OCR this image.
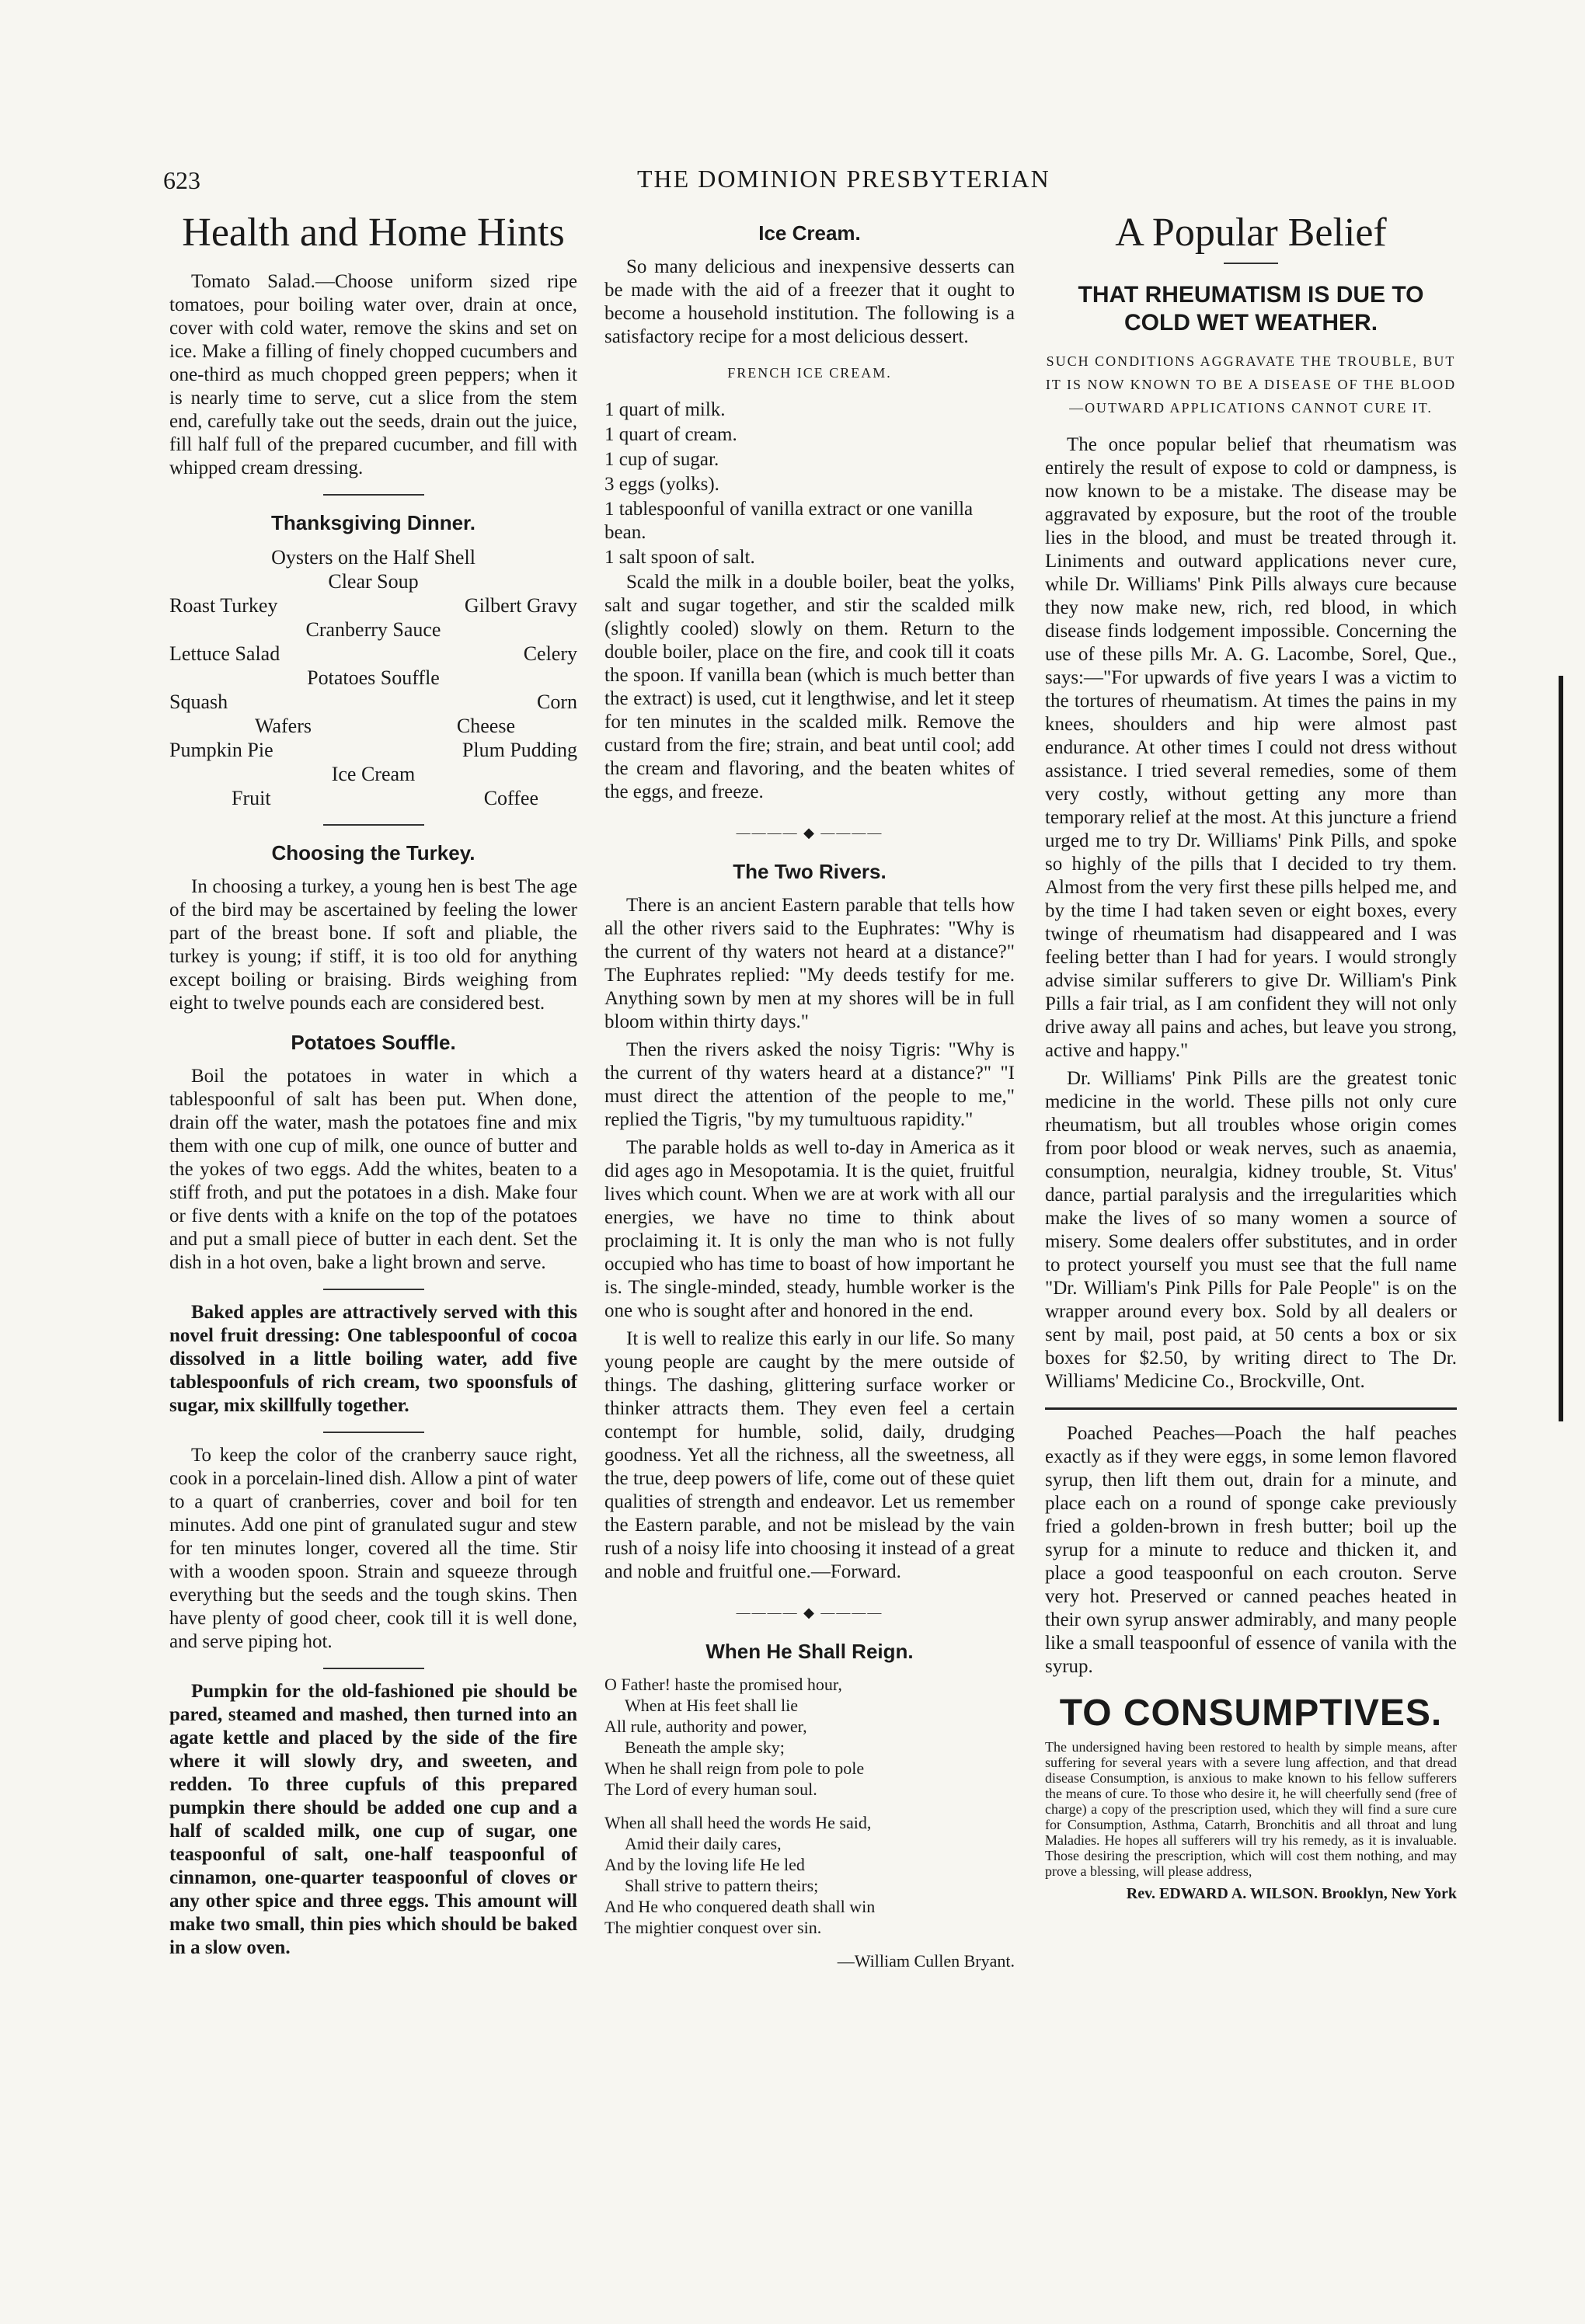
623	THE DOMINION PRESBYTERIAN
Health and Home Hints

Tomato Salad.—Choose uniform sized ripe tomatoes, pour boiling water over, drain at once, cover with cold water, remove the skins and set on ice. Make a filling of finely chopped cucumbers and one-third as much chopped green peppers; when it is nearly time to serve, cut a slice from the stem end, carefully take out the seeds, drain out the juice, fill half full of the prepared cucumber, and fill with whipped cream dressing.

Thanksgiving Dinner.
Oysters on the Half Shell
Clear Soup
Roast Turkey	Gilbert Gravy
Cranberry Sauce
Lettuce Salad	Celery
Potatoes Souffle
Squash	Corn
Wafers	Cheese
Pumpkin Pie	Plum Pudding
Ice Cream
Fruit	Coffee
Choosing the Turkey.

In choosing a turkey, a young hen is best The age of the bird may be ascertained by feeling the lower part of the breast bone. If soft and pliable, the turkey is young; if stiff, it is too old for anything except boiling or braising. Birds weighing from eight to twelve pounds each are considered best.

Potatoes Souffle.

Boil the potatoes in water in which a tablespoonful of salt has been put. When done, drain off the water, mash the potatoes fine and mix them with one cup of milk, one ounce of butter and the yokes of two eggs. Add the whites, beaten to a stiff froth, and put the potatoes in a dish. Make four or five dents with a knife on the top of the potatoes and put a small piece of butter in each dent. Set the dish in a hot oven, bake a light brown and serve.

Baked apples are attractively served with this novel fruit dressing: One tablespoonful of cocoa dissolved in a little boiling water, add five tablespoonfuls of rich cream, two spoonsfuls of sugar, mix skillfully together.

To keep the color of the cranberry sauce right, cook in a porcelain-lined dish. Allow a pint of water to a quart of cranberries, cover and boil for ten minutes. Add one pint of granulated sugur and stew for ten minutes longer, covered all the time. Stir with a wooden spoon. Strain and squeeze through everything but the seeds and the tough skins. Then have plenty of good cheer, cook till it is well done, and serve piping hot.

Pumpkin for the old-fashioned pie should be pared, steamed and mashed, then turned into an agate kettle and placed by the side of the fire where it will slowly dry, and sweeten, and redden. To three cupfuls of this prepared pumpkin there should be added one cup and a half of scalded milk, one cup of sugar, one teaspoonful of salt, one-half teaspoonful of cinnamon, one-quarter teaspoonful of cloves or any other spice and three eggs. This amount will make two small, thin pies which should be baked in a slow oven.

Ice Cream.

So many delicious and inexpensive desserts can be made with the aid of a freezer that it ought to become a household institution. The following is a satisfactory recipe for a most delicious dessert.

FRENCH ICE CREAM.
1 quart of milk.
1 quart of cream.
1 cup of sugar.
3 eggs (yolks).
1 tablespoonful of vanilla extract or one vanilla bean.
1 salt spoon of salt.

Scald the milk in a double boiler, beat the yolks, salt and sugar together, and stir the scalded milk (slightly cooled) slowly on them. Return to the double boiler, place on the fire, and cook till it coats the spoon. If vanilla bean (which is much better than the extract) is used, cut it lengthwise, and let it steep for ten minutes in the scalded milk. Remove the custard from the fire; strain, and beat until cool; add the cream and flavoring, and the beaten whites of the eggs, and freeze.

———— ◆ ————
The Two Rivers.

There is an ancient Eastern parable that tells how all the other rivers said to the Euphrates: "Why is the current of thy waters not heard at a distance?" The Euphrates replied: "My deeds testify for me. Anything sown by men at my shores will be in full bloom within thirty days."

Then the rivers asked the noisy Tigris: "Why is the current of thy waters heard at a distance?" "I must direct the attention of the people to me," replied the Tigris, "by my tumultuous rapidity."

The parable holds as well to-day in America as it did ages ago in Mesopotamia. It is the quiet, fruitful lives which count. When we are at work with all our energies, we have no time to think about proclaiming it. It is only the man who is not fully occupied who has time to boast of how important he is. The single-minded, steady, humble worker is the one who is sought after and honored in the end.

It is well to realize this early in our life. So many young people are caught by the mere outside of things. The dashing, glittering surface worker or thinker attracts them. They even feel a certain contempt for humble, solid, daily, drudging goodness. Yet all the richness, all the sweetness, all the true, deep powers of life, come out of these quiet qualities of strength and endeavor. Let us remember the Eastern parable, and not be mislead by the vain rush of a noisy life into choosing it instead of a great and noble and fruitful one.—Forward.

———— ◆ ————
When He Shall Reign.
O Father! haste the promised hour,
When at His feet shall lie
All rule, authority and power,
Beneath the ample sky;
When he shall reign from pole to pole
The Lord of every human soul.
When all shall heed the words He said,
Amid their daily cares,
And by the loving life He led
Shall strive to pattern theirs;
And He who conquered death shall win
The mightier conquest over sin.
—William Cullen Bryant.
A Popular Belief
THAT RHEUMATISM IS DUE TO COLD WET WEATHER.
SUCH CONDITIONS AGGRAVATE THE TROUBLE, BUT IT IS NOW KNOWN TO BE A DISEASE OF THE BLOOD—OUTWARD APPLICATIONS CANNOT CURE IT.

The once popular belief that rheumatism was entirely the result of expose to cold or dampness, is now known to be a mistake. The disease may be aggravated by exposure, but the root of the trouble lies in the blood, and must be treated through it. Liniments and outward applications never cure, while Dr. Williams' Pink Pills always cure because they now make new, rich, red blood, in which disease finds lodgement impossible. Concerning the use of these pills Mr. A. G. Lacombe, Sorel, Que., says:—"For upwards of five years I was a victim to the tortures of rheumatism. At times the pains in my knees, shoulders and hip were almost past endurance. At other times I could not dress without assistance. I tried several remedies, some of them very costly, without getting any more than temporary relief at the most. At this juncture a friend urged me to try Dr. Williams' Pink Pills, and spoke so highly of the pills that I decided to try them. Almost from the very first these pills helped me, and by the time I had taken seven or eight boxes, every twinge of rheumatism had disappeared and I was feeling better than I had for years. I would strongly advise similar sufferers to give Dr. William's Pink Pills a fair trial, as I am confident they will not only drive away all pains and aches, but leave you strong, active and happy."

Dr. Williams' Pink Pills are the greatest tonic medicine in the world. These pills not only cure rheumatism, but all troubles whose origin comes from poor blood or weak nerves, such as anaemia, consumption, neuralgia, kidney trouble, St. Vitus' dance, partial paralysis and the irregularities which make the lives of so many women a source of misery. Some dealers offer substitutes, and in order to protect yourself you must see that the full name "Dr. William's Pink Pills for Pale People" is on the wrapper around every box. Sold by all dealers or sent by mail, post paid, at 50 cents a box or six boxes for $2.50, by writing direct to The Dr. Williams' Medicine Co., Brockville, Ont.

Poached Peaches—Poach the half peaches exactly as if they were eggs, in some lemon flavored syrup, then lift them out, drain for a minute, and place each on a round of sponge cake previously fried a golden-brown in fresh butter; boil up the syrup for a minute to reduce and thicken it, and place a good teaspoonful on each crouton. Serve very hot. Preserved or canned peaches heated in their own syrup answer admirably, and many people like a small teaspoonful of essence of vanila with the syrup.

TO CONSUMPTIVES.
The undersigned having been restored to health by simple means, after suffering for several years with a severe lung affection, and that dread disease Consumption, is anxious to make known to his fellow sufferers the means of cure. To those who desire it, he will cheerfully send (free of charge) a copy of the prescription used, which they will find a sure cure for Consumption, Asthma, Catarrh, Bronchitis and all throat and lung Maladies. He hopes all sufferers will try his remedy, as it is invaluable. Those desiring the prescription, which will cost them nothing, and may prove a blessing, will please address,
Rev. EDWARD A. WILSON. Brooklyn, New York
